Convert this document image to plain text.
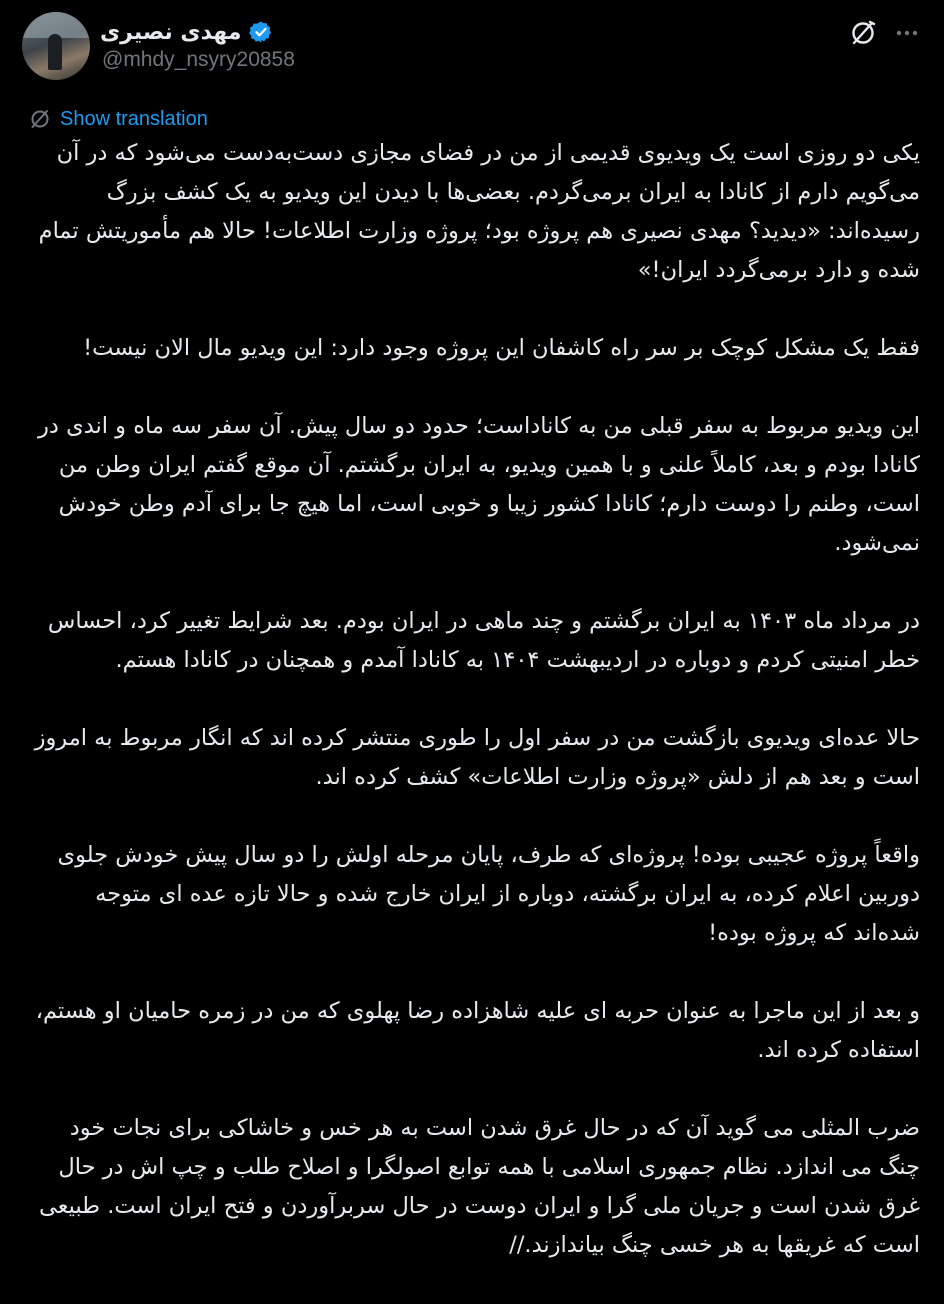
مهدی نصیری
@mhdy_nsyry20858
Show translation

یکی دو روزی است یک ویدیوی قدیمی از من در فضای مجازی دست‌به‌دست می‌شود که در آن می‌گویم دارم از کانادا به ایران برمی‌گردم. بعضی‌ها با دیدن این ویدیو به یک کشف بزرگ رسیده‌اند: «دیدید؟ مهدی نصیری هم پروژه بود؛ پروژه وزارت اطلاعات! حالا هم مأموریتش تمام شده و دارد برمی‌گردد ایران!»

فقط یک مشکل کوچک بر سر راه کاشفان این پروژه وجود دارد: این ویدیو مال الان نیست!

این ویدیو مربوط به سفر قبلی من به کاناداست؛ حدود دو سال پیش. آن سفر سه ماه و اندی در کانادا بودم و بعد، کاملاً علنی و با همین ویدیو، به ایران برگشتم. آن موقع گفتم ایران وطن من است، وطنم را دوست دارم؛ کانادا کشور زیبا و خوبی است، اما هیچ جا برای آدم وطن خودش نمی‌شود.

در مرداد ماه ۱۴۰۳ به ایران برگشتم و چند ماهی در ایران بودم. بعد شرایط تغییر کرد، احساس خطر امنیتی کردم و دوباره در اردیبهشت ۱۴۰۴ به کانادا آمدم و همچنان در کانادا هستم.

حالا عده‌ای ویدیوی بازگشت من در سفر اول را طوری منتشر کرده اند که انگار مربوط به امروز است و بعد هم از دلش «پروژه وزارت اطلاعات» کشف کرده اند.

واقعاً پروژه عجیبی بوده! پروژه‌ای که طرف، پایان مرحله اولش را دو سال پیش خودش جلوی دوربین اعلام کرده، به ایران برگشته، دوباره از ایران خارج شده و حالا تازه عده ای متوجه شده‌اند که پروژه بوده!

و بعد از این ماجرا به عنوان حربه ای علیه شاهزاده رضا پهلوی که من در زمره حامیان او هستم، استفاده کرده اند.

ضرب المثلی می گوید آن که در حال غرق شدن است به هر خس و خاشاکی برای نجات خود چنگ می اندازد. نظام جمهوری اسلامی با همه توابع اصولگرا و اصلاح طلب و چپ اش در حال غرق شدن است و جریان ملی گرا و ایران دوست در حال سربرآوردن و فتح ایران است. طبیعی است که غریقها به هر خسی چنگ بیاندازند.//
